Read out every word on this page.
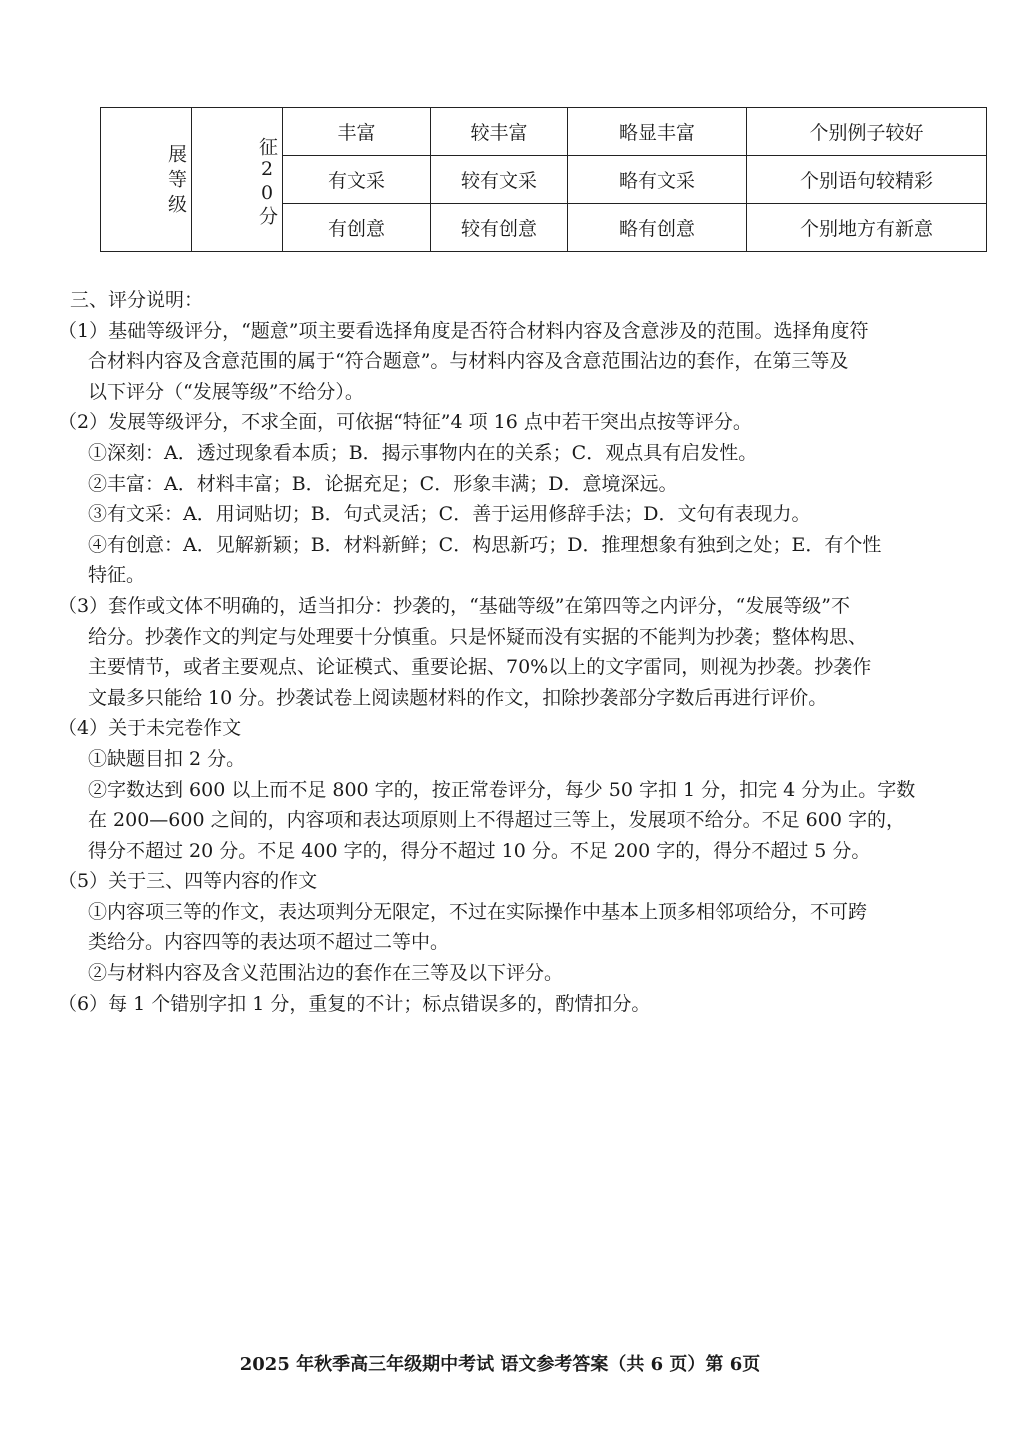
展等级	征20分	丰富	较丰富	略显丰富	个别例子较好
		有文采	较有文采	略有文采	个别语句较精彩
		有创意	较有创意	略有创意	个别地方有新意
三、评分说明：
（1）基础等级评分，“题意”项主要看选择角度是否符合材料内容及含意涉及的范围。选择角度符
合材料内容及含意范围的属于“符合题意”。与材料内容及含意范围沾边的套作，在第三等及
以下评分（“发展等级”不给分）。
（2）发展等级评分，不求全面，可依据“特征”4 项 16 点中若干突出点按等评分。
①深刻：A．透过现象看本质；B．揭示事物内在的关系；C．观点具有启发性。
②丰富：A．材料丰富；B．论据充足；C．形象丰满；D．意境深远。
③有文采：A．用词贴切；B．句式灵活；C．善于运用修辞手法；D．文句有表现力。
④有创意：A．见解新颖；B．材料新鲜；C．构思新巧；D．推理想象有独到之处；E．有个性
特征。
（3）套作或文体不明确的，适当扣分：抄袭的，“基础等级”在第四等之内评分，“发展等级”不
给分。抄袭作文的判定与处理要十分慎重。只是怀疑而没有实据的不能判为抄袭；整体构思、
主要情节，或者主要观点、论证模式、重要论据、70%以上的文字雷同，则视为抄袭。抄袭作
文最多只能给 10 分。抄袭试卷上阅读题材料的作文，扣除抄袭部分字数后再进行评价。
（4）关于未完卷作文
①缺题目扣 2 分。
②字数达到 600 以上而不足 800 字的，按正常卷评分，每少 50 字扣 1 分，扣完 4 分为止。字数
在 200—600 之间的，内容项和表达项原则上不得超过三等上，发展项不给分。不足 600 字的，
得分不超过 20 分。不足 400 字的，得分不超过 10 分。不足 200 字的，得分不超过 5 分。
（5）关于三、四等内容的作文
①内容项三等的作文，表达项判分无限定，不过在实际操作中基本上顶多相邻项给分，不可跨
类给分。内容四等的表达项不超过二等中。
②与材料内容及含义范围沾边的套作在三等及以下评分。
（6）每 1 个错别字扣 1 分，重复的不计；标点错误多的，酌情扣分。
2025 年秋季高三年级期中考试 语文参考答案（共 6 页）第 6页
